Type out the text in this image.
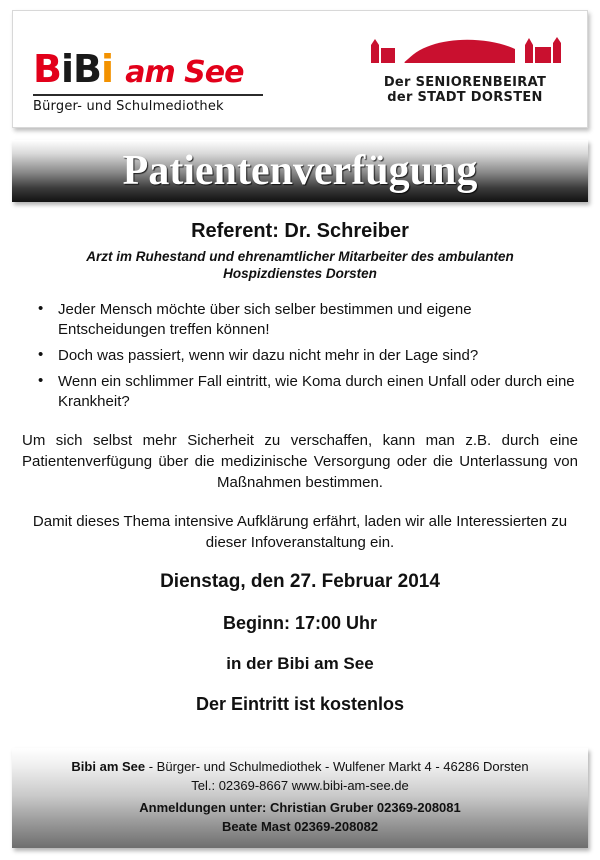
BiBi am See
Bürger- und Schulmediothek
Der SENIORENBEIRAT
der STADT DORSTEN
Patientenverfügung
Referent: Dr. Schreiber
Arzt im Ruhestand und ehrenamtlicher Mitarbeiter des ambulanten
Hospizdienstes Dorsten
• Jeder Mensch möchte über sich selber bestimmen und eigene Entscheidungen treffen können!
• Doch was passiert, wenn wir dazu nicht mehr in der Lage sind?
• Wenn ein schlimmer Fall eintritt, wie Koma durch einen Unfall oder durch eine Krankheit?
Um sich selbst mehr Sicherheit zu verschaffen, kann man z.B. durch eine Patientenverfügung über die medizinische Versorgung oder die Unterlassung von Maßnahmen bestimmen.
Damit dieses Thema intensive Aufklärung erfährt, laden wir alle Interessierten zu dieser Infoveranstaltung ein.
Dienstag, den 27. Februar 2014
Beginn: 17:00 Uhr
in der Bibi am See
Der Eintritt ist kostenlos
Bibi am See - Bürger- und Schulmediothek - Wulfener Markt 4 - 46286 Dorsten
Tel.: 02369-8667 www.bibi-am-see.de
Anmeldungen unter: Christian Gruber 02369-208081
Beate Mast 02369-208082
